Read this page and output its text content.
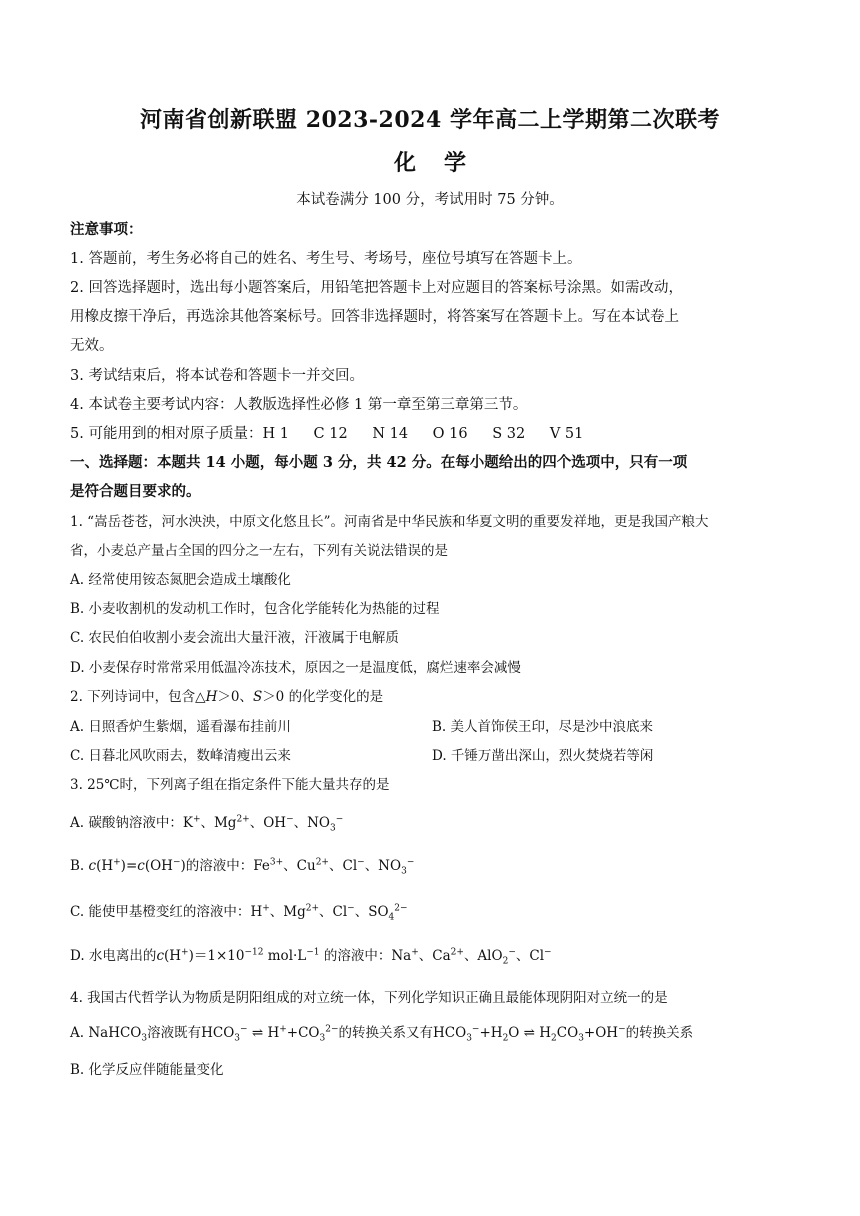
河南省创新联盟 2023-2024 学年高二上学期第二次联考
化学
本试卷满分 100 分，考试用时 75 分钟。
注意事项：
1. 答题前，考生务必将自己的姓名、考生号、考场号，座位号填写在答题卡上。
2. 回答选择题时，选出每小题答案后，用铅笔把答题卡上对应题目的答案标号涂黑。如需改动，
用橡皮擦干净后，再选涂其他答案标号。回答非选择题时，将答案写在答题卡上。写在本试卷上
无效。
3. 考试结束后，将本试卷和答题卡一并交回。
4. 本试卷主要考试内容：人教版选择性必修 1 第一章至第三章第三节。
5. 可能用到的相对原子质量：H 1 C 12 N 14 O 16 S 32 V 51
一、选择题：本题共 14 小题，每小题 3 分，共 42 分。在每小题给出的四个选项中，只有一项
是符合题目要求的。
1. “嵩岳苍苍，河水泱泱，中原文化悠且长”。河南省是中华民族和华夏文明的重要发祥地，更是我国产粮大
省，小麦总产量占全国的四分之一左右，下列有关说法错误的是
A. 经常使用铵态氮肥会造成土壤酸化
B. 小麦收割机的发动机工作时，包含化学能转化为热能的过程
C. 农民伯伯收割小麦会流出大量汗液，汗液属于电解质
D. 小麦保存时常常采用低温冷冻技术，原因之一是温度低，腐烂速率会减慢
2. 下列诗词中，包含△H＞0、S＞0 的化学变化的是
A. 日照香炉生紫烟，遥看瀑布挂前川	B. 美人首饰侯王印，尽是沙中浪底来
C. 日暮北风吹雨去，数峰清瘦出云来	D. 千锤万凿出深山，烈火焚烧若等闲
3. 25℃时，下列离子组在指定条件下能大量共存的是
A. 碳酸钠溶液中：K+、$Mg^{2+}$、OH−、$NO_3^-$
B. c(H+)=c(OH−)的溶液中：$Fe^{3+}$、$Cu^{2+}$、Cl−、$NO_3^-$
C. 能使甲基橙变红的溶液中：H+、$Mg^{2+}$、Cl−、$SO_4^{2-}$
D. 水电离出的$c(H^+)=1\times 10^{-12}$ $mol\cdot L^{-1}$ 的溶液中：Na+、$Ca^{2+}$、AlO$_2$−、Cl−
4. 我国古代哲学认为物质是阴阳组成的对立统一体，下列化学知识正确且最能体现阴阳对立统一的是
A. NaHCO$_3$溶液既有$HCO_3^-$ ⇌ $H^++CO_3^{2-}$的转换关系又有$HCO_3^-+H_2O$ ⇌ $H_2CO_3+OH^-$的转换关系
B. 化学反应伴随能量变化
